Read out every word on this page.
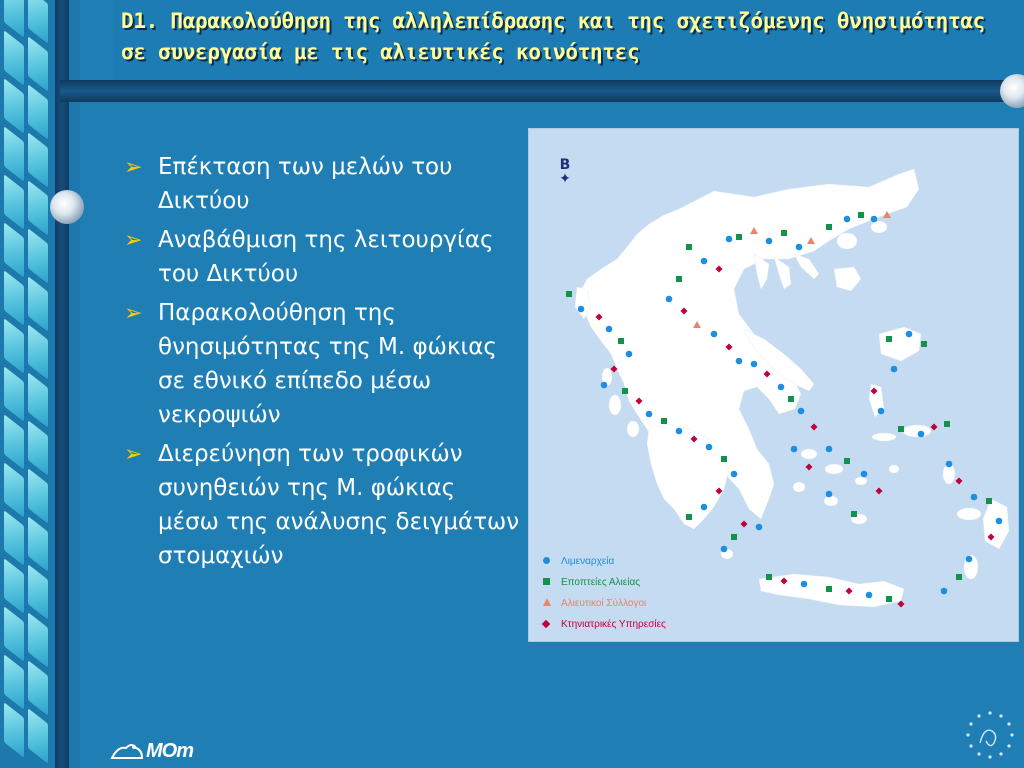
D1. Παρακολούθηση της αλληλεπίδρασης και της σχετιζόμενης θνησιμότητας σε συνεργασία με τις αλιευτικές κοινότητες
➢ Επέκταση των μελών του Δικτύου
➢ Αναβάθμιση της λειτουργίας του Δικτύου
➢ Παρακολούθηση της θνησιμότητας της Μ. φώκιας σε εθνικό επίπεδο μέσω νεκροψιών
➢ Διερεύνηση των τροφικών συνηθειών της Μ. φώκιας μέσω της ανάλυσης δειγμάτων στομαχιών
Β
✦
Λιμεναρχεία
Εποπτείες Αλιείας
Αλιευτικοί Σύλλογοι
Κτηνιατρικές Υπηρεσίες
MOm
